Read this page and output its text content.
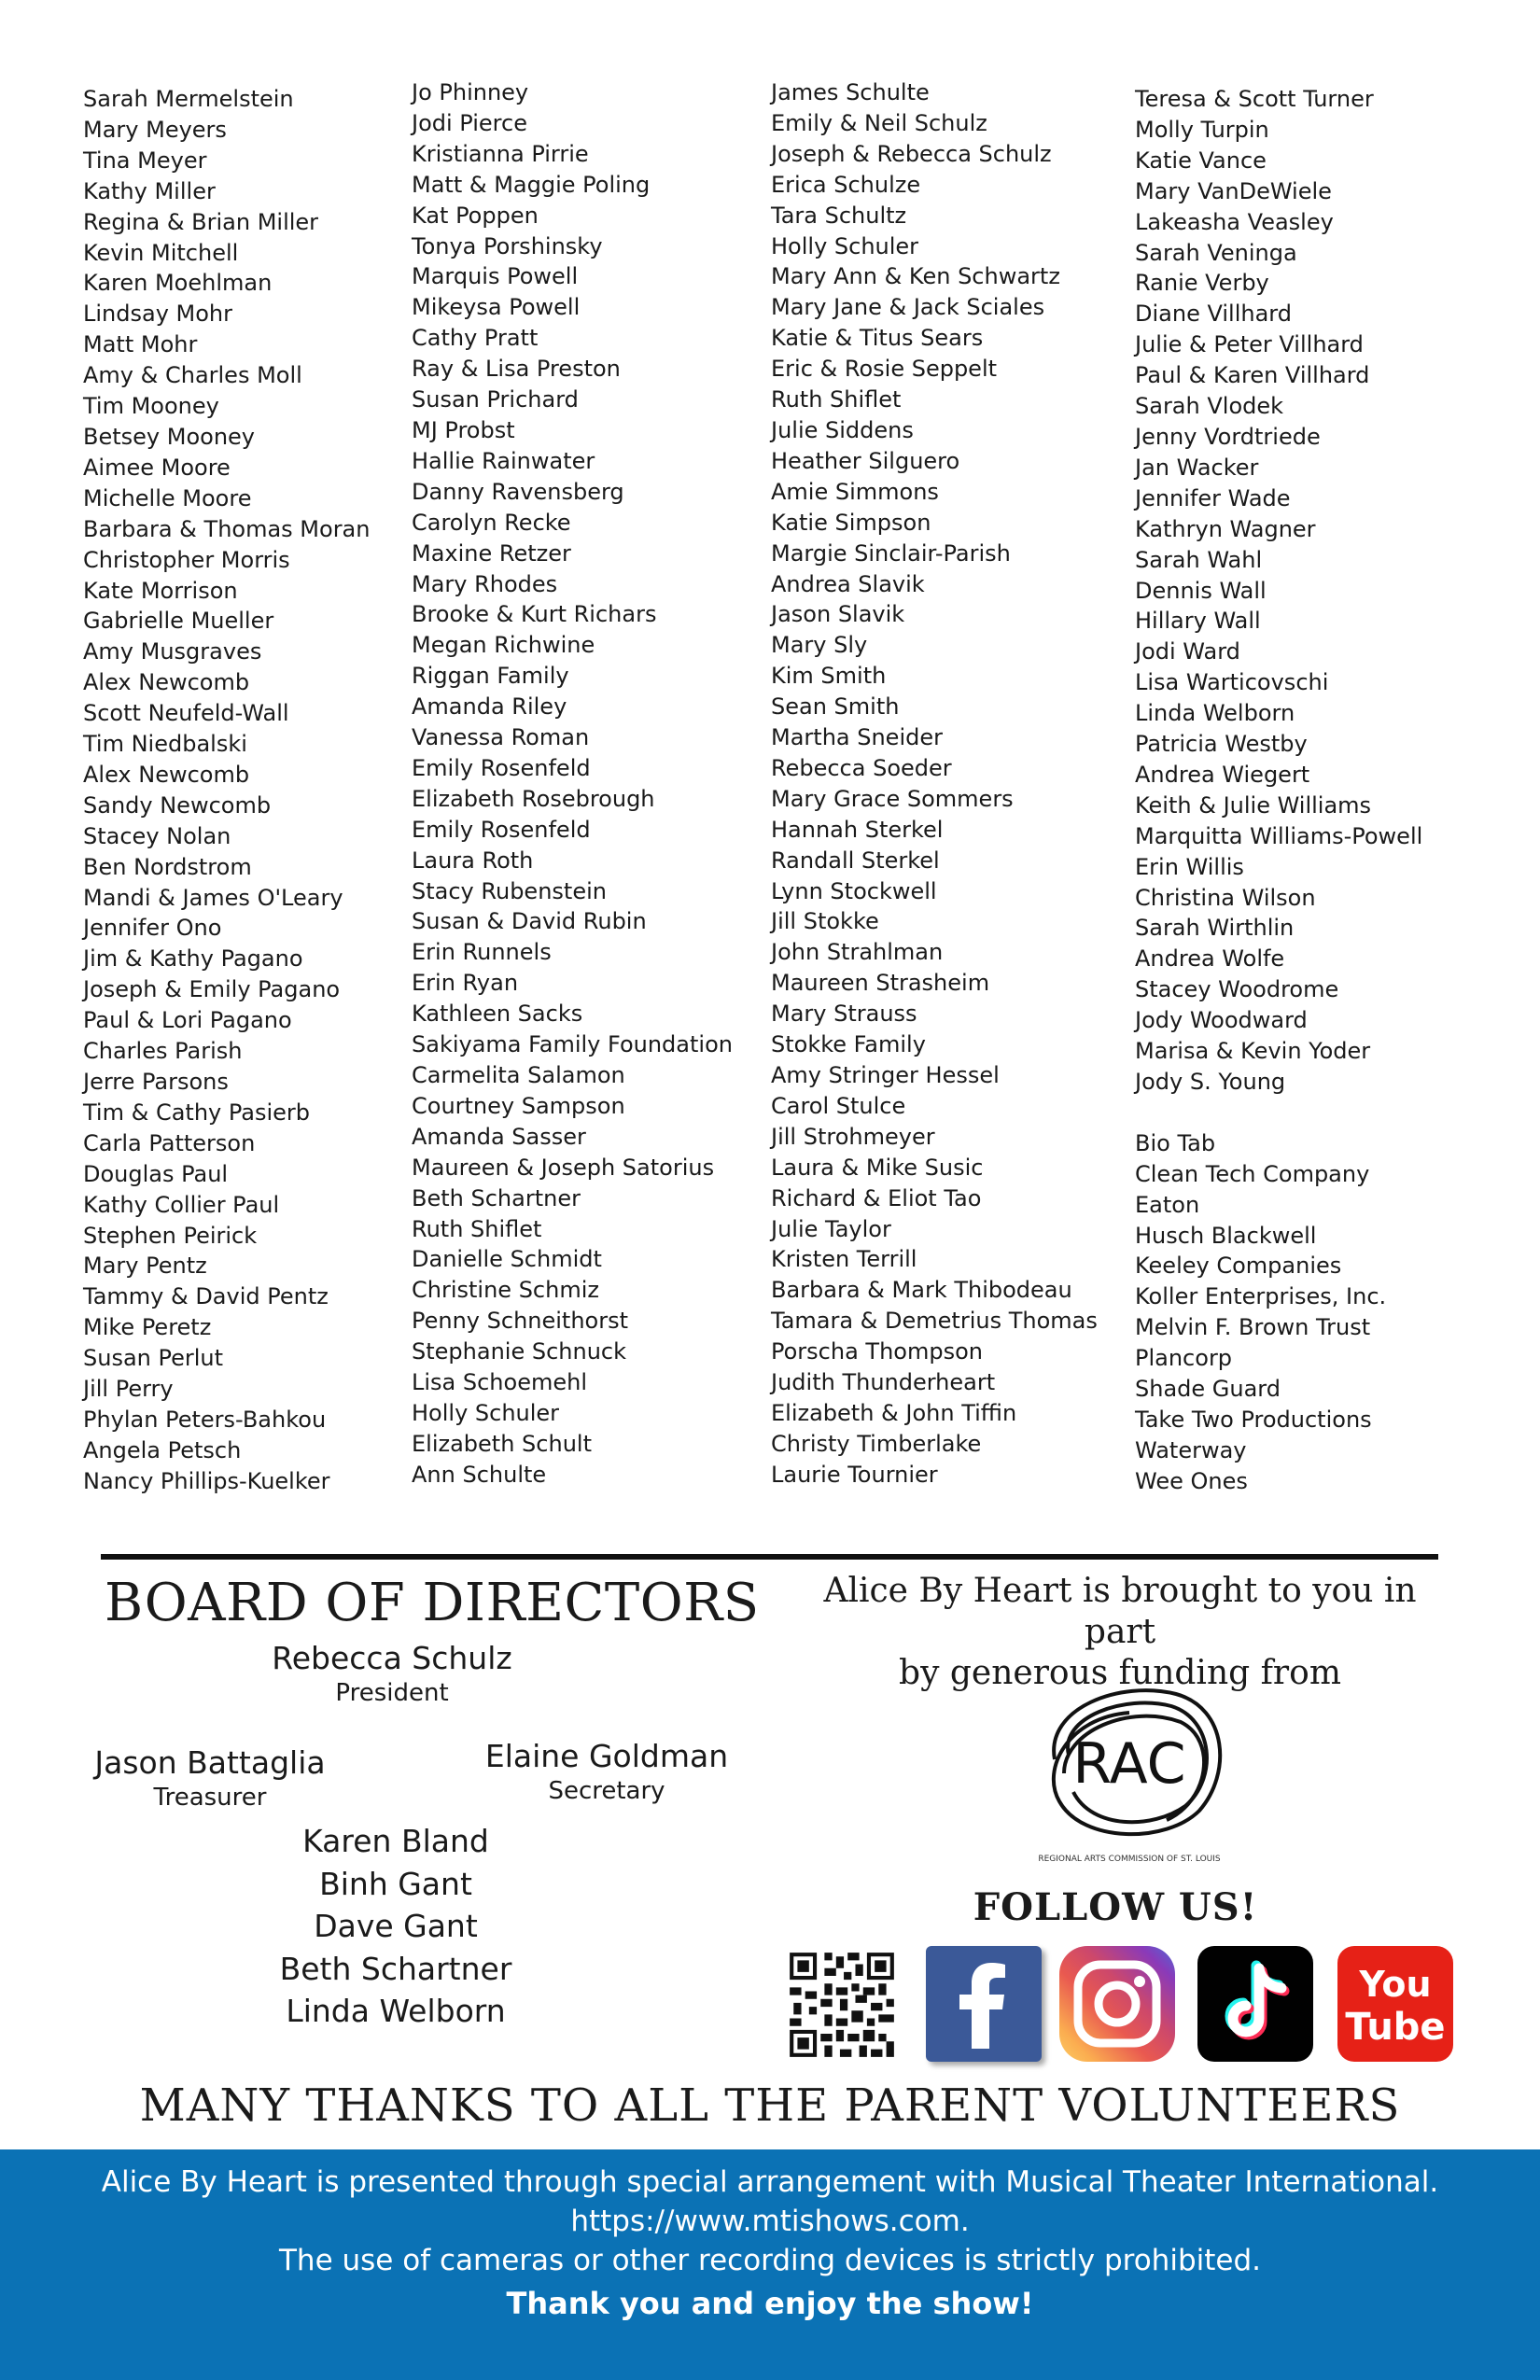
Sarah Mermelstein
Mary Meyers
Tina Meyer
Kathy Miller
Regina & Brian Miller
Kevin Mitchell
Karen Moehlman
Lindsay Mohr
Matt Mohr
Amy & Charles Moll
Tim Mooney
Betsey Mooney
Aimee Moore
Michelle Moore
Barbara & Thomas Moran
Christopher Morris
Kate Morrison
Gabrielle Mueller
Amy Musgraves
Alex Newcomb
Scott Neufeld-Wall
Tim Niedbalski
Alex Newcomb
Sandy Newcomb
Stacey Nolan
Ben Nordstrom
Mandi & James O'Leary
Jennifer Ono
Jim & Kathy Pagano
Joseph & Emily Pagano
Paul & Lori Pagano
Charles Parish
Jerre Parsons
Tim & Cathy Pasierb
Carla Patterson
Douglas Paul
Kathy Collier Paul
Stephen Peirick
Mary Pentz
Tammy & David Pentz
Mike Peretz
Susan Perlut
Jill Perry
Phylan Peters-Bahkou
Angela Petsch
Nancy Phillips-Kuelker
Jo Phinney
Jodi Pierce
Kristianna Pirrie
Matt & Maggie Poling
Kat Poppen
Tonya Porshinsky
Marquis Powell
Mikeysa Powell
Cathy Pratt
Ray & Lisa Preston
Susan Prichard
MJ Probst
Hallie Rainwater
Danny Ravensberg
Carolyn Recke
Maxine Retzer
Mary Rhodes
Brooke & Kurt Richars
Megan Richwine
Riggan Family
Amanda Riley
Vanessa Roman
Emily Rosenfeld
Elizabeth Rosebrough
Emily Rosenfeld
Laura Roth
Stacy Rubenstein
Susan & David Rubin
Erin Runnels
Erin Ryan
Kathleen Sacks
Sakiyama Family Foundation
Carmelita Salamon
Courtney Sampson
Amanda Sasser
Maureen & Joseph Satorius
Beth Schartner
Ruth Shiflet
Danielle Schmidt
Christine Schmiz
Penny Schneithorst
Stephanie Schnuck
Lisa Schoemehl
Holly Schuler
Elizabeth Schult
Ann Schulte
James Schulte
Emily & Neil Schulz
Joseph & Rebecca Schulz
Erica Schulze
Tara Schultz
Holly Schuler
Mary Ann & Ken Schwartz
Mary Jane & Jack Sciales
Katie & Titus Sears
Eric & Rosie Seppelt
Ruth Shiflet
Julie Siddens
Heather Silguero
Amie Simmons
Katie Simpson
Margie Sinclair-Parish
Andrea Slavik
Jason Slavik
Mary Sly
Kim Smith
Sean Smith
Martha Sneider
Rebecca Soeder
Mary Grace Sommers
Hannah Sterkel
Randall Sterkel
Lynn Stockwell
Jill Stokke
John Strahlman
Maureen Strasheim
Mary Strauss
Stokke Family
Amy Stringer Hessel
Carol Stulce
Jill Strohmeyer
Laura & Mike Susic
Richard & Eliot Tao
Julie Taylor
Kristen Terrill
Barbara & Mark Thibodeau
Tamara & Demetrius Thomas
Porscha Thompson
Judith Thunderheart
Elizabeth & John Tiffin
Christy Timberlake
Laurie Tournier
Teresa & Scott Turner
Molly Turpin
Katie Vance
Mary VanDeWiele
Lakeasha Veasley
Sarah Veninga
Ranie Verby
Diane Villhard
Julie & Peter Villhard
Paul & Karen Villhard
Sarah Vlodek
Jenny Vordtriede
Jan Wacker
Jennifer Wade
Kathryn Wagner
Sarah Wahl
Dennis Wall
Hillary Wall
Jodi Ward
Lisa Warticovschi
Linda Welborn
Patricia Westby
Andrea Wiegert
Keith & Julie Williams
Marquitta Williams-Powell
Erin Willis
Christina Wilson
Sarah Wirthlin
Andrea Wolfe
Stacey Woodrome
Jody Woodward
Marisa & Kevin Yoder
Jody S. Young
Bio Tab
Clean Tech Company
Eaton
Husch Blackwell
Keeley Companies
Koller Enterprises, Inc.
Melvin F. Brown Trust
Plancorp
Shade Guard
Take Two Productions
Waterway
Wee Ones
BOARD OF DIRECTORS
Rebecca Schulz
President
Jason Battaglia
Treasurer
Elaine Goldman
Secretary
Karen Bland
Binh Gant
Dave Gant
Beth Schartner
Linda Welborn
Alice By Heart is brought to you in part
by generous funding from
RAC
REGIONAL ARTS COMMISSION OF ST. LOUIS
FOLLOW US!
You
Tube
MANY THANKS TO ALL THE PARENT VOLUNTEERS
Alice By Heart is presented through special arrangement with Musical Theater International.
https://www.mtishows.com.
The use of cameras or other recording devices is strictly prohibited.
Thank you and enjoy the show!
